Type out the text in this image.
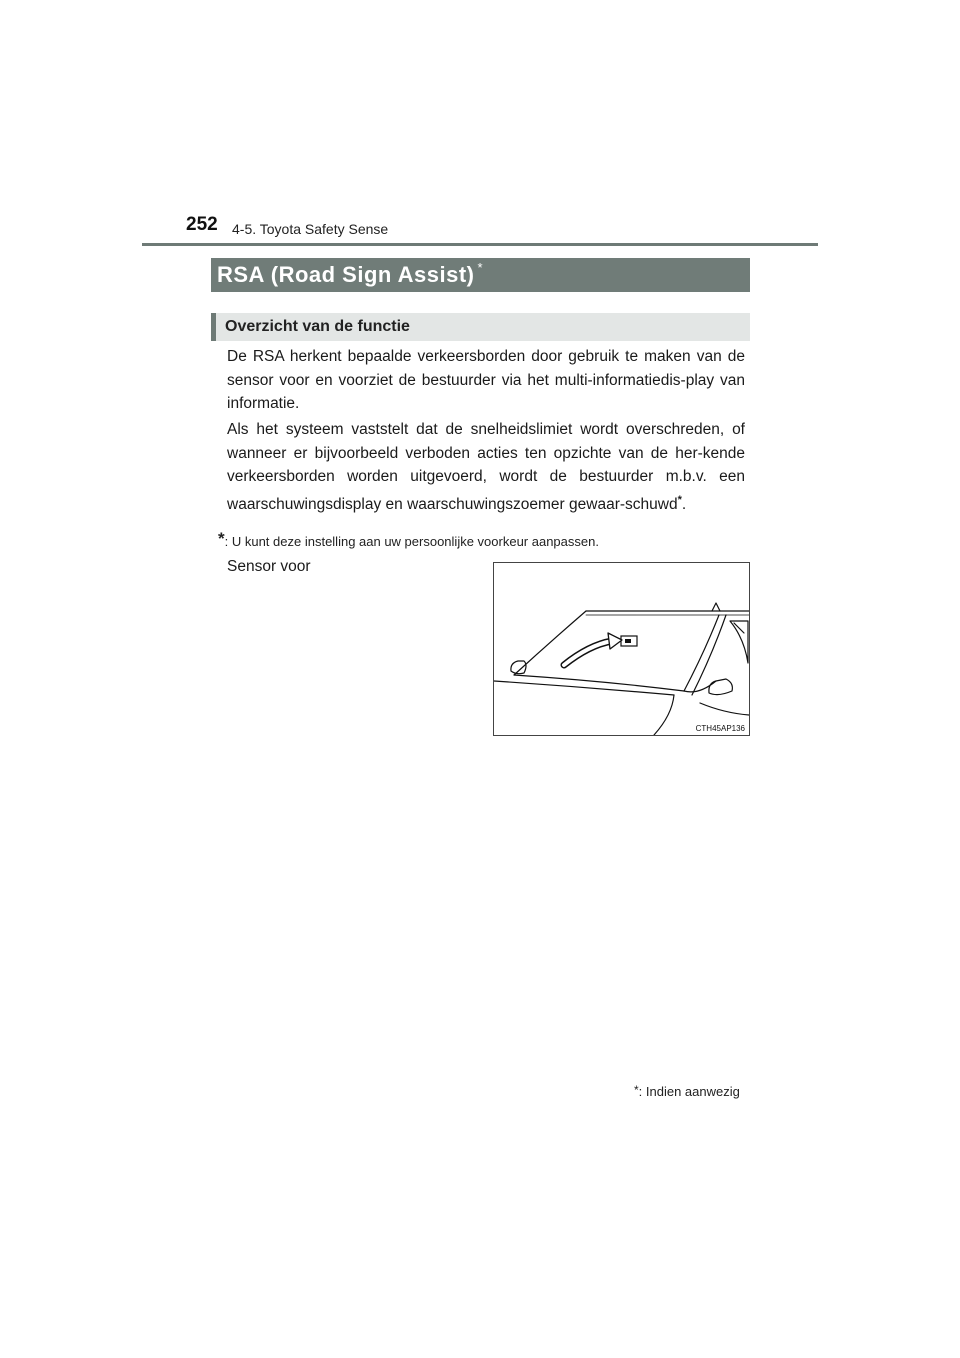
252 4-5. Toyota Safety Sense
RSA (Road Sign Assist) *
Overzicht van de functie

De RSA herkent bepaalde verkeersborden door gebruik te maken van de sensor voor en voorziet de bestuurder via het multi-informatiedis-play van informatie.

Als het systeem vaststelt dat de snelheidslimiet wordt overschreden, of wanneer er bijvoorbeeld verboden acties ten opzichte van de her-kende verkeersborden worden uitgevoerd, wordt de bestuurder m.b.v. een waarschuwingsdisplay en waarschuwingszoemer gewaar-schuwd*.

*: U kunt deze instelling aan uw persoonlijke voorkeur aanpassen.
Sensor voor
CTH45AP136
*: Indien aanwezig
